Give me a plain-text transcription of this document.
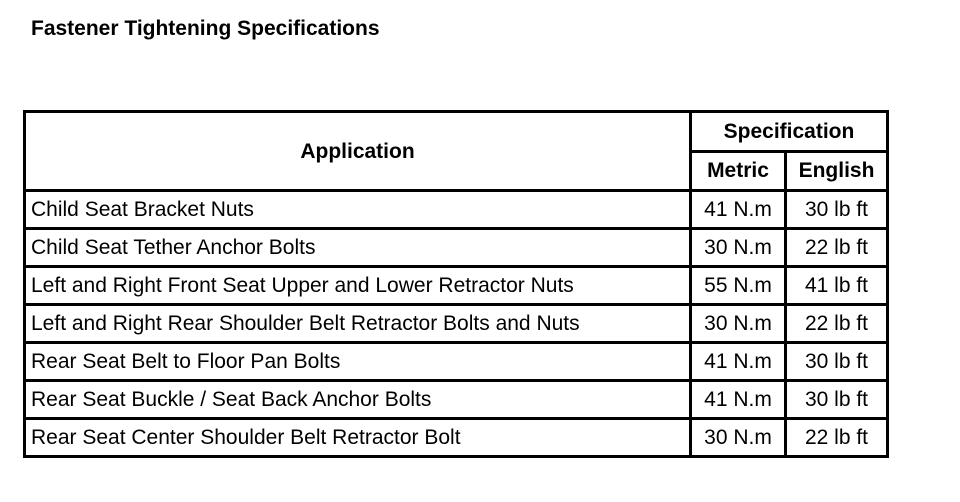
Fastener Tightening Specifications
Application	Specification	
	Metric	English
Child Seat Bracket Nuts	41 N.m	30 lb ft
Child Seat Tether Anchor Bolts	30 N.m	22 lb ft
Left and Right Front Seat Upper and Lower Retractor Nuts	55 N.m	41 lb ft
Left and Right Rear Shoulder Belt Retractor Bolts and Nuts	30 N.m	22 lb ft
Rear Seat Belt to Floor Pan Bolts	41 N.m	30 lb ft
Rear Seat Buckle / Seat Back Anchor Bolts	41 N.m	30 lb ft
Rear Seat Center Shoulder Belt Retractor Bolt	30 N.m	22 lb ft
